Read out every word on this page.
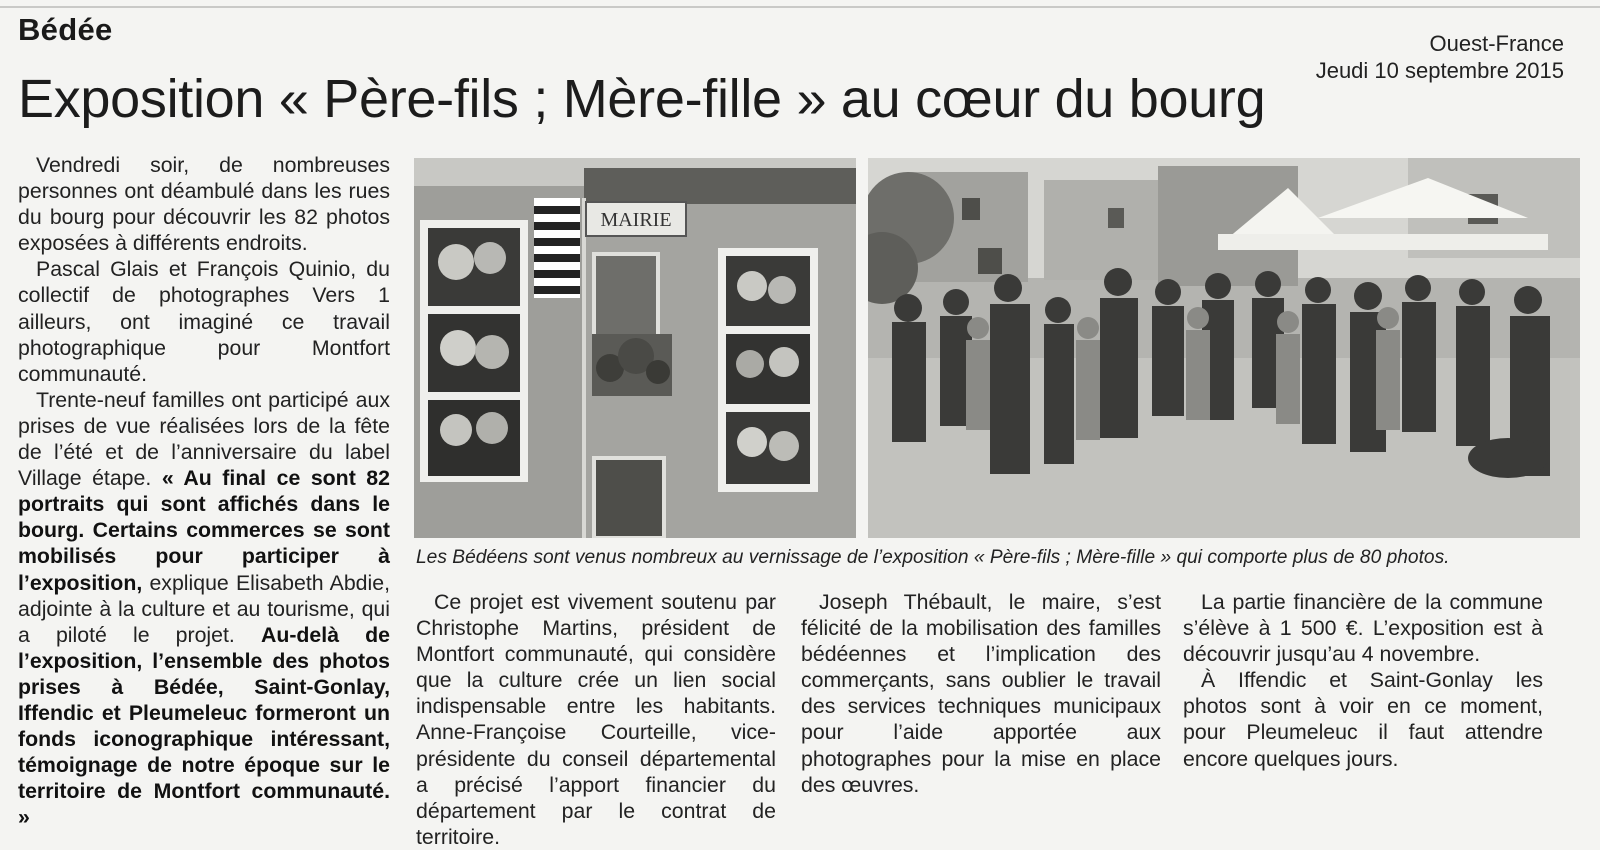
Bédée	Ouest-France
Jeudi 10 septembre 2015
Exposition « Père-fils ; Mère-fille » au cœur du bourg

Vendredi soir, de nombreuses personnes ont déambulé dans les rues du bourg pour découvrir les 82 photos exposées à différents endroits.

Pascal Glais et François Quinio, du collectif de photographes Vers 1 ailleurs, ont imaginé ce travail photographique pour Montfort communauté.

Trente-neuf familles ont participé aux prises de vue réalisées lors de la fête de l’été et de l’anniversaire du label Village étape. « Au final ce sont 82 portraits qui sont affichés dans le bourg. Certains commerces se sont mobilisés pour participer à l’exposition, explique Elisabeth Abdie, adjointe à la culture et au tourisme, qui a piloté le projet. Au-delà de l’exposition, l’ensemble des photos prises à Bédée, Saint-Gonlay, Iffendic et Pleumeleuc formeront un fonds iconographique intéressant, témoignage de notre époque sur le territoire de Montfort communauté. »

MAIRIE
Les Bédéens sont venus nombreux au vernissage de l’exposition « Père-fils ; Mère-fille » qui comporte plus de 80 photos.

Ce projet est vivement soutenu par Christophe Martins, président de Montfort communauté, qui considère que la culture crée un lien social indispensable entre les habitants. Anne-Françoise Courteille, vice-présidente du conseil départemental a précisé l’apport financier du département par le contrat de territoire.

Joseph Thébault, le maire, s’est félicité de la mobilisation des familles bédéennes et l’implication des commerçants, sans oublier le travail des services techniques municipaux pour l’aide apportée aux photographes pour la mise en place des œuvres.

La partie financière de la commune s’élève à 1 500 €. L’exposition est à découvrir jusqu’au 4 novembre.

À Iffendic et Saint-Gonlay les photos sont à voir en ce moment, pour Pleumeleuc il faut attendre encore quelques jours.
